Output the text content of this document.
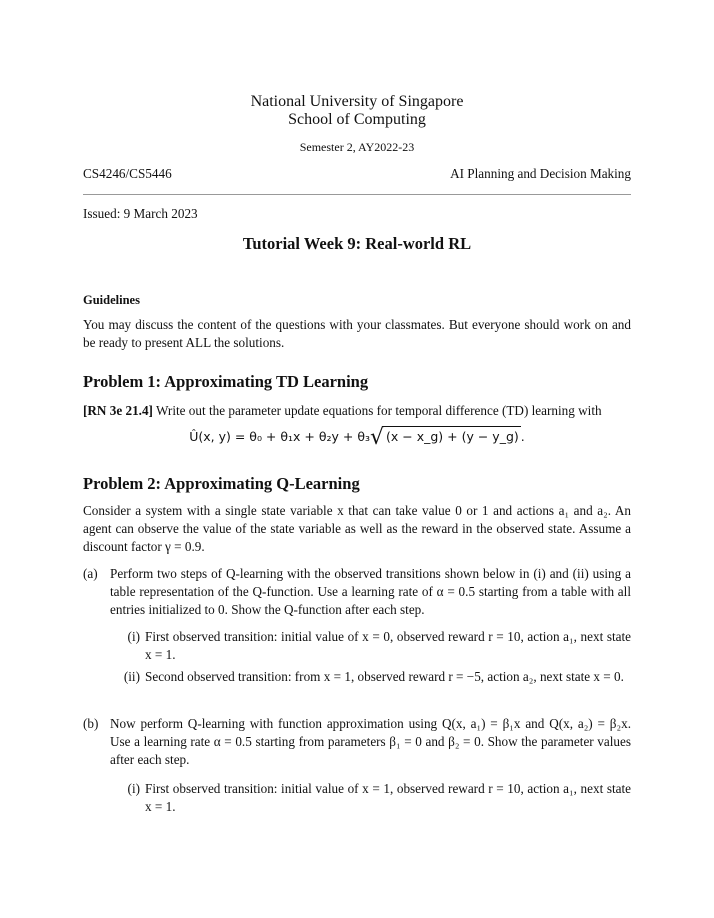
National University of Singapore
School of Computing
Semester 2, AY2022-23
CS4246/CS5446	AI Planning and Decision Making
Issued: 9 March 2023
Tutorial Week 9: Real-world RL
Guidelines
You may discuss the content of the questions with your classmates. But everyone should work on and be ready to present ALL the solutions.
Problem 1: Approximating TD Learning
[RN 3e 21.4] Write out the parameter update equations for temporal difference (TD) learning with
Û(x, y) = θ₀ + θ₁x + θ₂y + θ₃√ (x − x_g) + (y − y_g) .
Problem 2: Approximating Q-Learning
Consider a system with a single state variable x that can take value 0 or 1 and actions a₁ and a₂. An agent can observe the value of the state variable as well as the reward in the observed state. Assume a discount factor γ = 0.9.
(a) Perform two steps of Q-learning with the observed transitions shown below in (i) and (ii) using a table representation of the Q-function. Use a learning rate of α = 0.5 starting from a table with all entries initialized to 0. Show the Q-function after each step.
(i) First observed transition: initial value of x = 0, observed reward r = 10, action a₁, next state x = 1.
(ii) Second observed transition: from x = 1, observed reward r = −5, action a₂, next state x = 0.
(b) Now perform Q-learning with function approximation using Q(x, a₁) = β₁x and Q(x, a₂) = β₂x. Use a learning rate α = 0.5 starting from parameters β₁ = 0 and β₂ = 0. Show the parameter values after each step.
(i) First observed transition: initial value of x = 1, observed reward r = 10, action a₁, next state x = 1.
